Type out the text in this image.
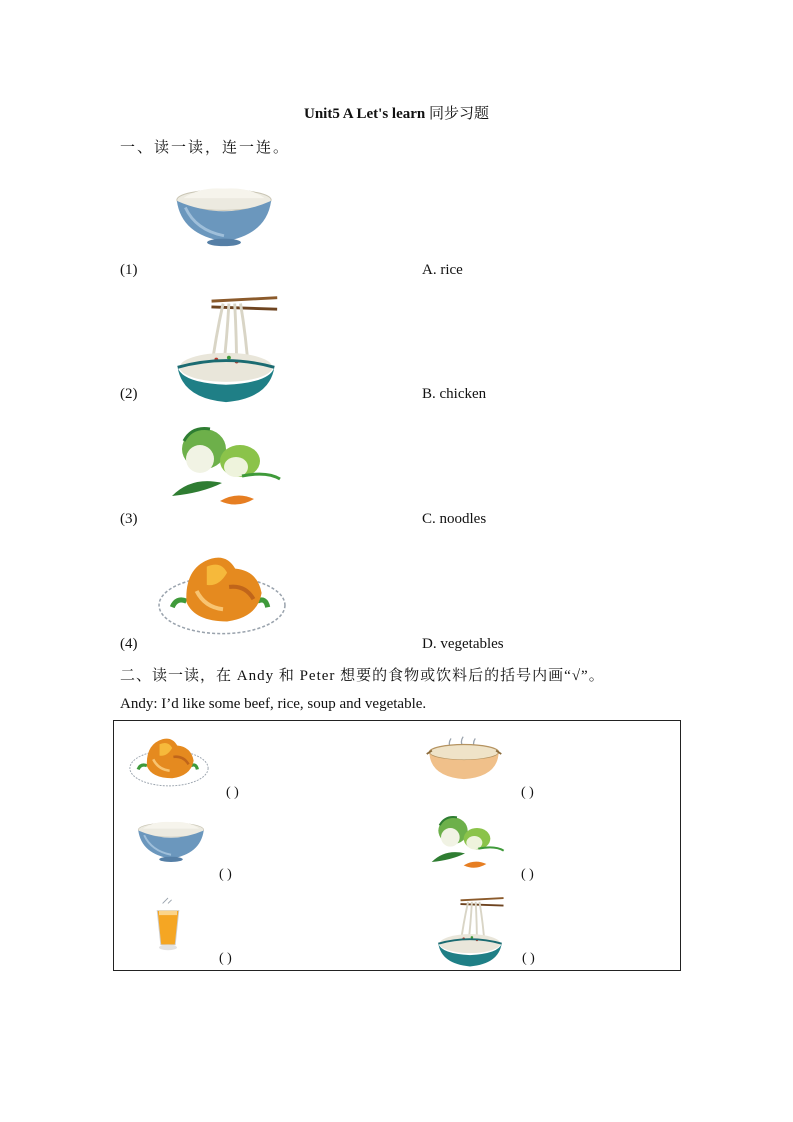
Unit5 A Let's learn 同步习题
一、读一读，连一连。
(1)	A. rice
(2)	B. chicken
(3)	C. noodles
(4)	D. vegetables
二、读一读，在 Andy 和 Peter 想要的食物或饮料后的括号内画“√”。
Andy: I’d like some beef, rice, soup and vegetable.
( )	( )
( )	( )
( )	( )
